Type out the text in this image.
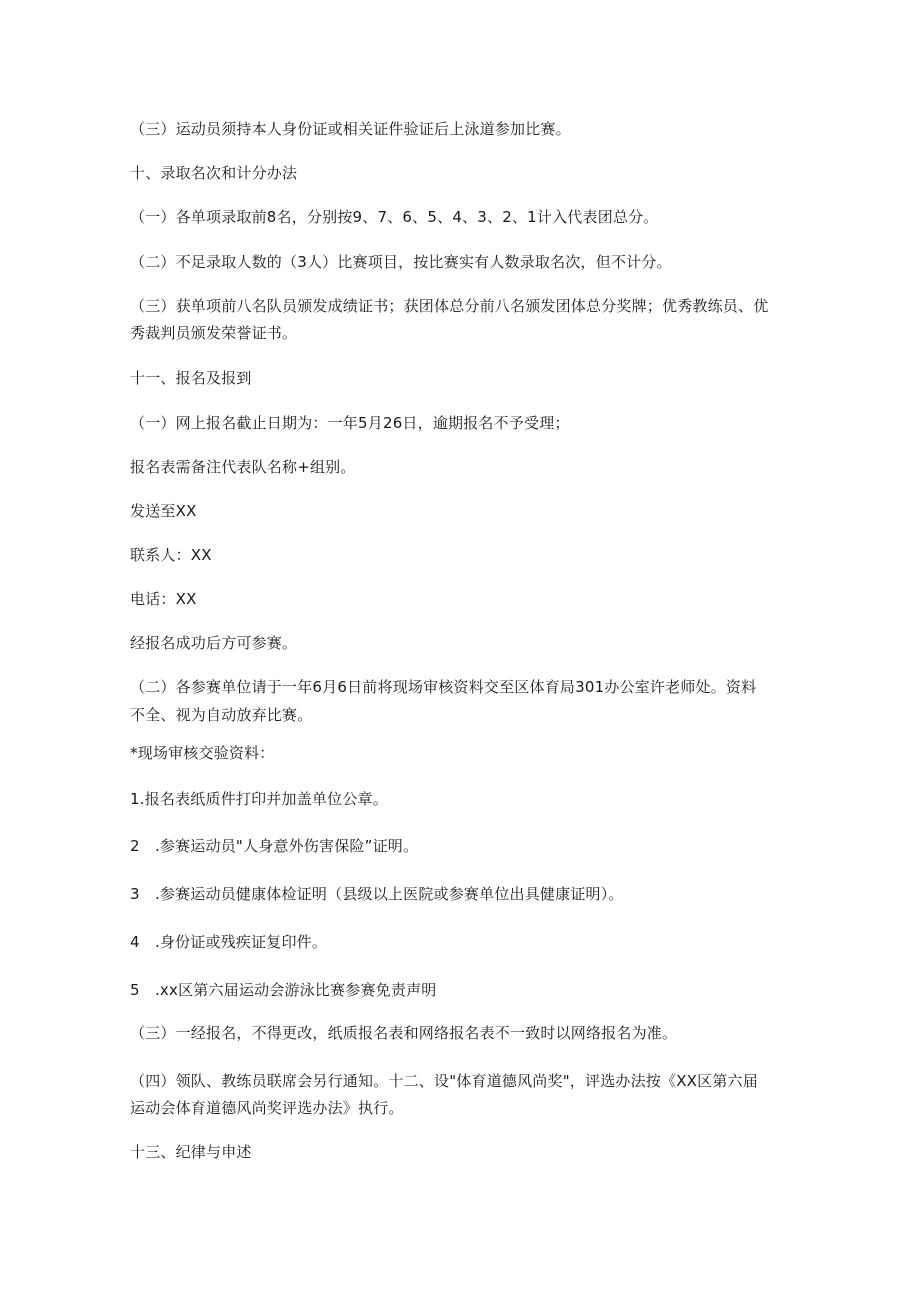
（三）运动员须持本人身份证或相关证件验证后上泳道参加比赛。
十、录取名次和计分办法
（一）各单项录取前8名，分别按9、7、6、5、4、3、2、1计入代表团总分。
（二）不足录取人数的（3人）比赛项目，按比赛实有人数录取名次，但不计分。
（三）获单项前八名队员颁发成绩证书；获团体总分前八名颁发团体总分奖牌；优秀教练员、优
秀裁判员颁发荣誉证书。
十一、报名及报到
（一）网上报名截止日期为：一年5月26日，逾期报名不予受理；
报名表需备注代表队名称+组别。
发送至XX
联系人：XX
电话：XX
经报名成功后方可参赛。
（二）各参赛单位请于一年6月6日前将现场审核资料交至区体育局301办公室许老师处。资料
不全、视为自动放弃比赛。
*现场审核交验资料：
1.报名表纸质件打印并加盖单位公章。
2　.参赛运动员"人身意外伤害保险”证明。
3　.参赛运动员健康体检证明（县级以上医院或参赛单位出具健康证明）。
4　.身份证或残疾证复印件。
5　.xx区第六届运动会游泳比赛参赛免责声明
（三）一经报名，不得更改，纸质报名表和网络报名表不一致时以网络报名为准。
（四）领队、教练员联席会另行通知。十二、设"体育道德风尚奖"，评选办法按《XX区第六届
运动会体育道德风尚奖评选办法》执行。
十三、纪律与申述
